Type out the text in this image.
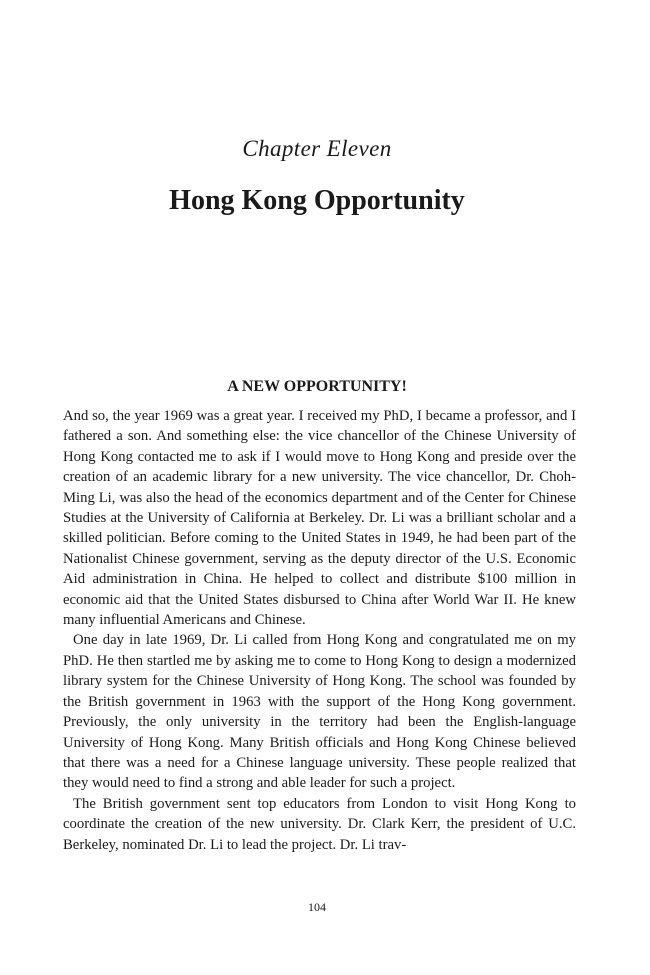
Chapter Eleven
Hong Kong Opportunity
A NEW OPPORTUNITY!

And so, the year 1969 was a great year. I received my PhD, I became a professor, and I fathered a son. And something else: the vice chancellor of the Chinese University of Hong Kong contacted me to ask if I would move to Hong Kong and preside over the creation of an academic library for a new university. The vice chancellor, Dr. Choh-Ming Li, was also the head of the economics department and of the Center for Chinese Studies at the University of California at Berkeley. Dr. Li was a brilliant scholar and a skilled politician. Before coming to the United States in 1949, he had been part of the Nationalist Chinese government, serving as the deputy director of the U.S. Economic Aid administration in China. He helped to collect and distribute $100 million in economic aid that the United States disbursed to China after World War II. He knew many influential Americans and Chinese.

One day in late 1969, Dr. Li called from Hong Kong and congratulated me on my PhD. He then startled me by asking me to come to Hong Kong to design a modernized library system for the Chinese University of Hong Kong. The school was founded by the British government in 1963 with the support of the Hong Kong government. Previously, the only university in the territory had been the English-language University of Hong Kong. Many British officials and Hong Kong Chinese believed that there was a need for a Chinese language university. These people realized that they would need to find a strong and able leader for such a project.

The British government sent top educators from London to visit Hong Kong to coordinate the creation of the new university. Dr. Clark Kerr, the president of U.C. Berkeley, nominated Dr. Li to lead the project. Dr. Li trav-

104
